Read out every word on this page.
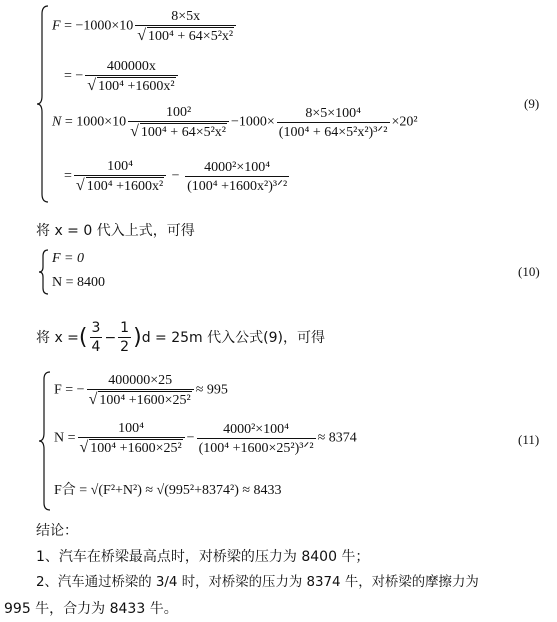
$F = -1000\times 10 \frac{8\times 5x}{\text{√ 100⁴ + 64×5²x²}}$
= − $\frac{400000x}{\text{√ 100⁴ +1600x²}}$
$N = 1000\times 10 \frac{\text{100²}}{\text{√ 100⁴ + 64×5²x²}} -1000\times \frac{\text{8×5×100⁴}}{\text{(100⁴ + 64×5²x²)³ᐟ²}} \times 20^2$
= $\frac{\text{100⁴}}{\text{√ 100⁴ +1600x²}} - \frac{\text{4000²×100⁴}}{\text{(100⁴ +1600x²)³ᐟ²}}$
(9)
将 x = 0 代入上式，可得
F = 0
N = 8400
(10)
将 x =( $\frac{3}{4} - \frac{1}{2} )d = 25m$ 代入公式(9)，可得
F = − $\frac{400000\times 25}{\text{√ 100⁴ +1600×25²}} \approx 995$
$N = \frac{\text{100⁴}}{\text{√ 100⁴ +1600×25²}} - \frac{\text{4000²×100⁴}}{\text{(100⁴ +1600×25²)³ᐟ²}} \approx 8374$
F合 = √(F²+N²) ≈ √(995²+8374²) ≈ 8433
(11)
结论：
1、汽车在桥梁最高点时，对桥梁的压力为 8400 牛；
2、汽车通过桥梁的 3/4 时，对桥梁的压力为 8374 牛，对桥梁的摩擦力为
995 牛，合力为 8433 牛。
